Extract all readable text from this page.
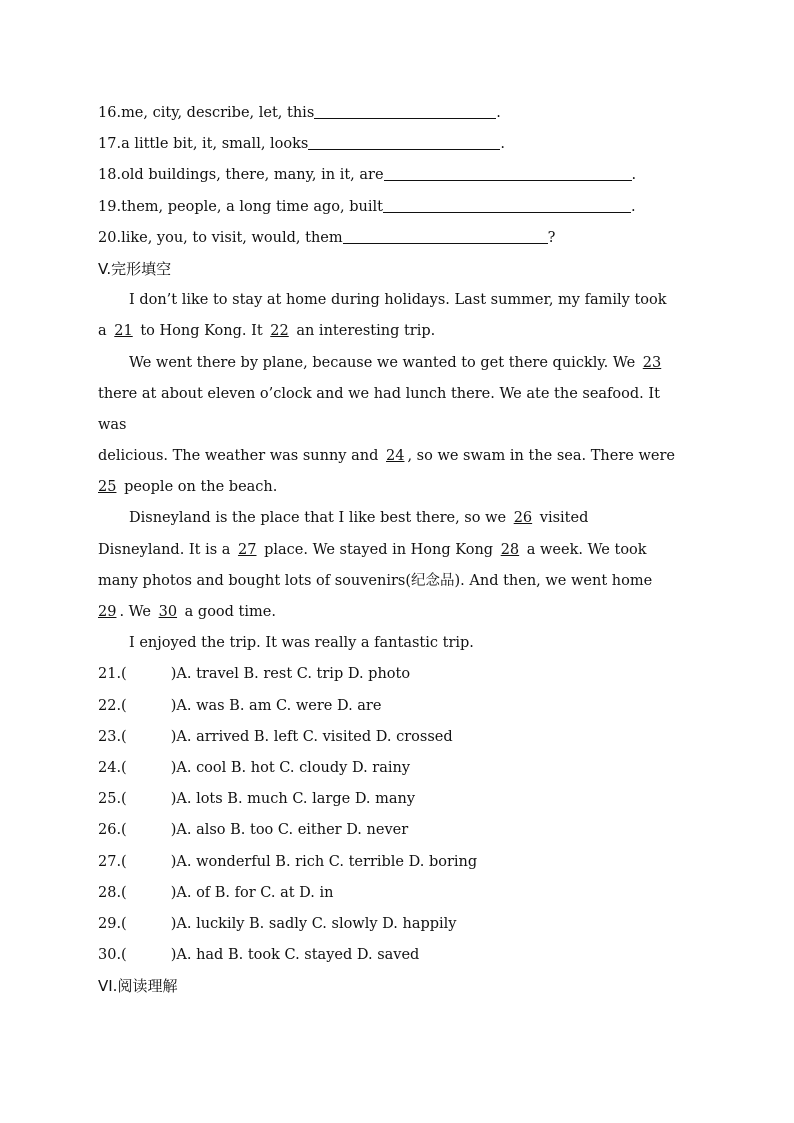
16.me, city, describe, let, this	.
17.a little bit, it, small, looks	.
18.old buildings, there, many, in it, are	.
19.them, people, a long time ago, built	.
20.like, you, to visit, would, them	?
V.完形填空
I don’t like to stay at home during holidays. Last summer, my family took
a 21 to Hong Kong. It 22 an interesting trip.
We went there by plane, because we wanted to get there quickly. We 23
there at about eleven o’clock and we had lunch there. We ate the seafood. It
was
delicious. The weather was sunny and 24 , so we swam in the sea. There were
25 people on the beach.
Disneyland is the place that I like best there, so we 26 visited
Disneyland. It is a 27 place. We stayed in Hong Kong 28 a week. We took
many photos and bought lots of souvenirs(纪念品). And then, we went home
29 . We 30 a good time.
I enjoyed the trip. It was really a fantastic trip.
21.(	)A. travel B. rest C. trip D. photo
22.(	)A. was B. am C. were D. are
23.(	)A. arrived B. left C. visited D. crossed
24.(	)A. cool B. hot C. cloudy D. rainy
25.(	)A. lots B. much C. large D. many
26.(	)A. also B. too C. either D. never
27.(	)A. wonderful B. rich C. terrible D. boring
28.(	)A. of B. for C. at D. in
29.(	)A. luckily B. sadly C. slowly D. happily
30.(	)A. had B. took C. stayed D. saved
VI.阅读理解
